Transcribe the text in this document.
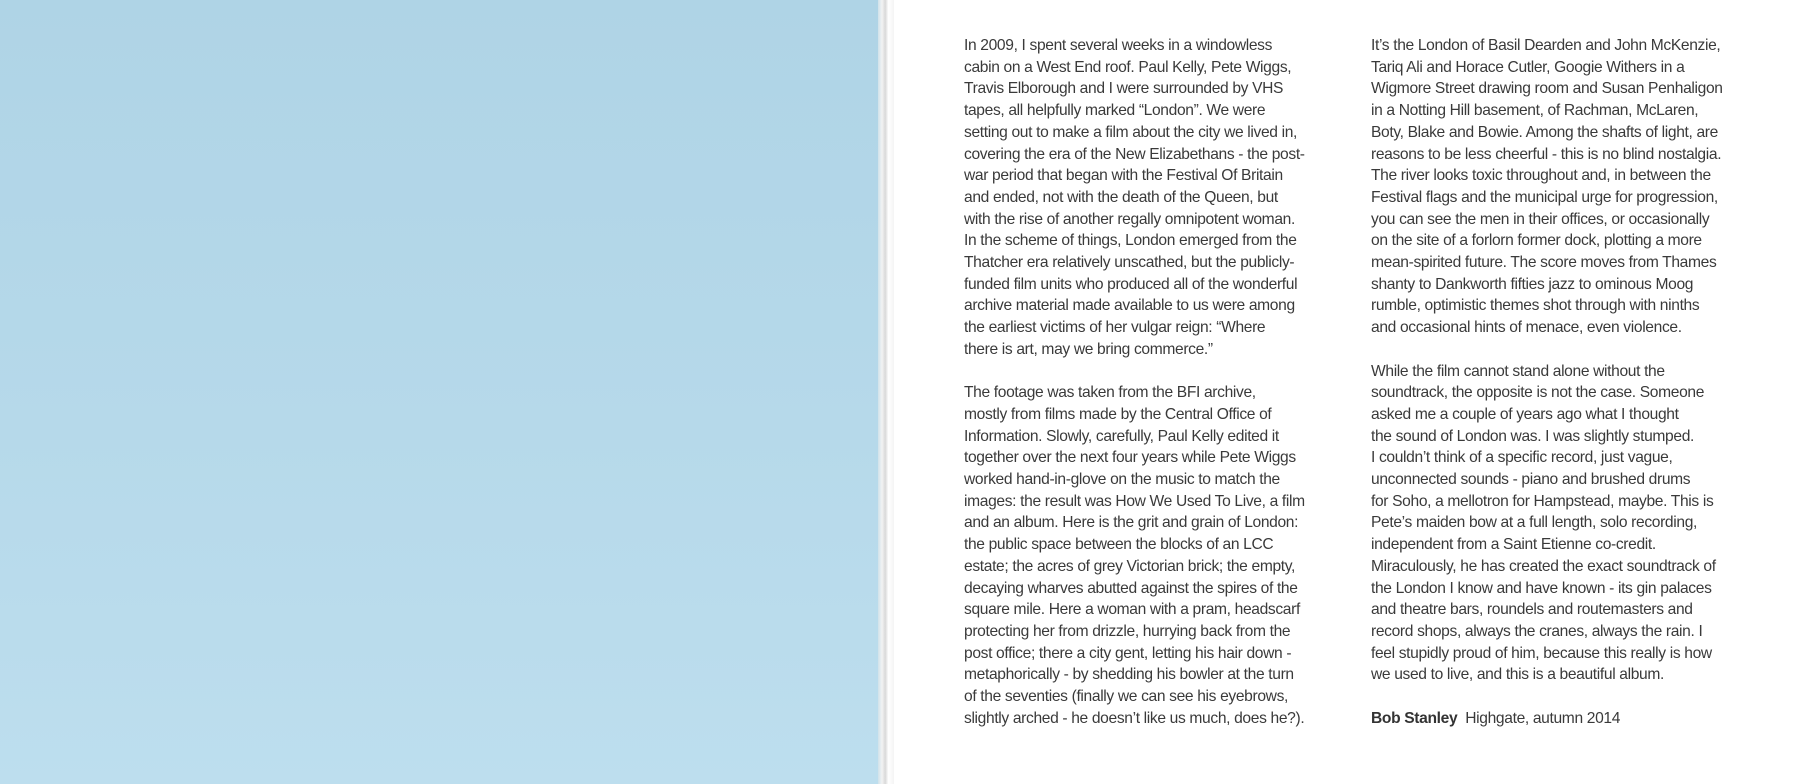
In 2009, I spent several weeks in a windowless
cabin on a West End roof. Paul Kelly, Pete Wiggs,
Travis Elborough and I were surrounded by VHS
tapes, all helpfully marked “London”. We were
setting out to make a film about the city we lived in,
covering the era of the New Elizabethans - the post-
war period that began with the Festival Of Britain
and ended, not with the death of the Queen, but
with the rise of another regally omnipotent woman.
In the scheme of things, London emerged from the
Thatcher era relatively unscathed, but the publicly-
funded film units who produced all of the wonderful
archive material made available to us were among
the earliest victims of her vulgar reign: “Where
there is art, may we bring commerce.”
The footage was taken from the BFI archive,
mostly from films made by the Central Office of
Information. Slowly, carefully, Paul Kelly edited it
together over the next four years while Pete Wiggs
worked hand-in-glove on the music to match the
images: the result was How We Used To Live, a film
and an album. Here is the grit and grain of London:
the public space between the blocks of an LCC
estate; the acres of grey Victorian brick; the empty,
decaying wharves abutted against the spires of the
square mile. Here a woman with a pram, headscarf
protecting her from drizzle, hurrying back from the
post office; there a city gent, letting his hair down -
metaphorically - by shedding his bowler at the turn
of the seventies (finally we can see his eyebrows,
slightly arched - he doesn’t like us much, does he?).
It’s the London of Basil Dearden and John McKenzie,
Tariq Ali and Horace Cutler, Googie Withers in a
Wigmore Street drawing room and Susan Penhaligon
in a Notting Hill basement, of Rachman, McLaren,
Boty, Blake and Bowie. Among the shafts of light, are
reasons to be less cheerful - this is no blind nostalgia.
The river looks toxic throughout and, in between the
Festival flags and the municipal urge for progression,
you can see the men in their offices, or occasionally
on the site of a forlorn former dock, plotting a more
mean-spirited future. The score moves from Thames
shanty to Dankworth fifties jazz to ominous Moog
rumble, optimistic themes shot through with ninths
and occasional hints of menace, even violence.
While the film cannot stand alone without the
soundtrack, the opposite is not the case. Someone
asked me a couple of years ago what I thought
the sound of London was. I was slightly stumped.
I couldn’t think of a specific record, just vague,
unconnected sounds - piano and brushed drums
for Soho, a mellotron for Hampstead, maybe. This is
Pete’s maiden bow at a full length, solo recording,
independent from a Saint Etienne co-credit.
Miraculously, he has created the exact soundtrack of
the London I know and have known - its gin palaces
and theatre bars, roundels and routemasters and
record shops, always the cranes, always the rain. I
feel stupidly proud of him, because this really is how
we used to live, and this is a beautiful album.
Bob Stanley Highgate, autumn 2014
